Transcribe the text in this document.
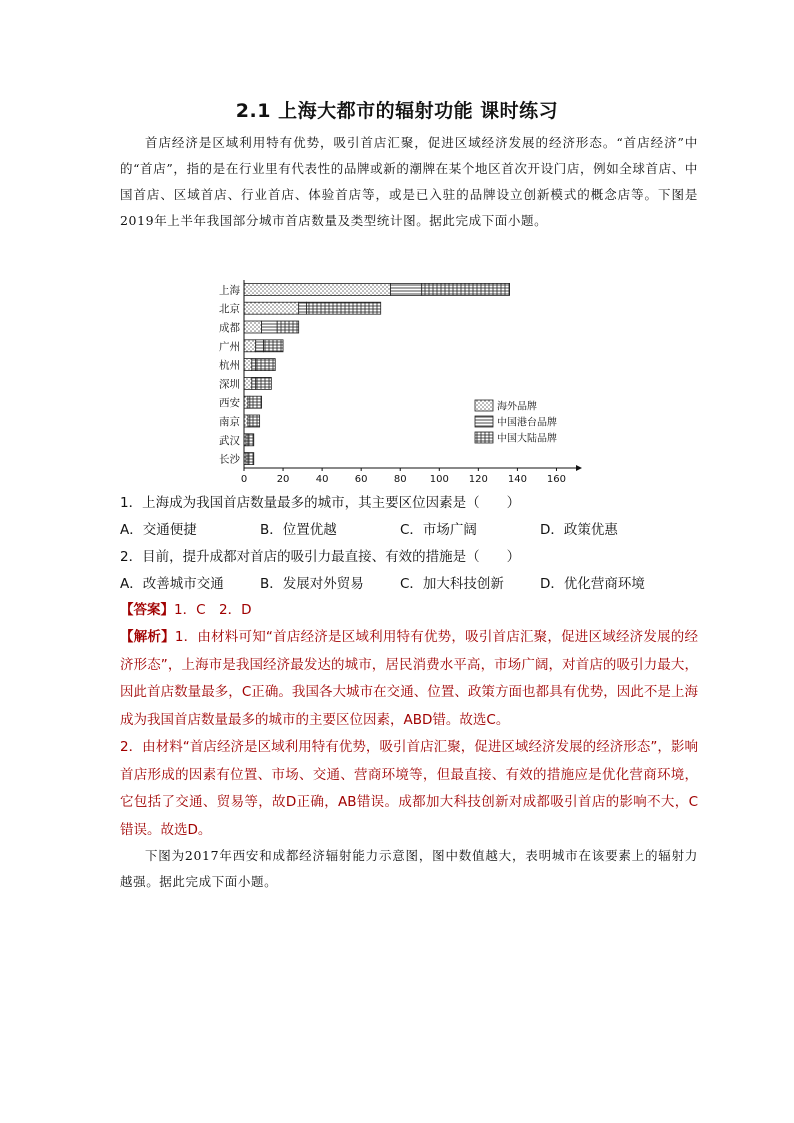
2.1 上海大都市的辐射功能 课时练习
首店经济是区域利用特有优势，吸引首店汇聚，促进区域经济发展的经济形态。“首店经济”中的“首店”，指的是在行业里有代表性的品牌或新的潮牌在某个地区首次开设门店，例如全球首店、中国首店、区域首店、行业首店、体验首店等，或是已入驻的品牌设立创新模式的概念店等。下图是2019年上半年我国部分城市首店数量及类型统计图。据此完成下面小题。
上海
北京
成都
广州
杭州
深圳
西安
南京
武汉
长沙
0	20	40	60	80 100 120 140 160
海外品牌
中国港台品牌
中国大陆品牌
1．上海成为我国首店数量最多的城市，其主要区位因素是（　　）
A．交通便捷	B．位置优越	C．市场广阔	D．政策优惠
2．目前，提升成都对首店的吸引力最直接、有效的措施是（　　）
A．改善城市交通	B．发展对外贸易	C．加大科技创新	D．优化营商环境
【答案】1．C　2．D
【解析】1．由材料可知“首店经济是区域利用特有优势，吸引首店汇聚，促进区域经济发展的经济形态”，上海市是我国经济最发达的城市，居民消费水平高，市场广阔，对首店的吸引力最大，因此首店数量最多，C正确。我国各大城市在交通、位置、政策方面也都具有优势，因此不是上海成为我国首店数量最多的城市的主要区位因素，ABD错。故选C。
2．由材料“首店经济是区域利用特有优势，吸引首店汇聚，促进区域经济发展的经济形态”，影响首店形成的因素有位置、市场、交通、营商环境等，但最直接、有效的措施应是优化营商环境，它包括了交通、贸易等，故D正确，AB错误。成都加大科技创新对成都吸引首店的影响不大，C错误。故选D。
下图为2017年西安和成都经济辐射能力示意图，图中数值越大，表明城市在该要素上的辐射力越强。据此完成下面小题。
